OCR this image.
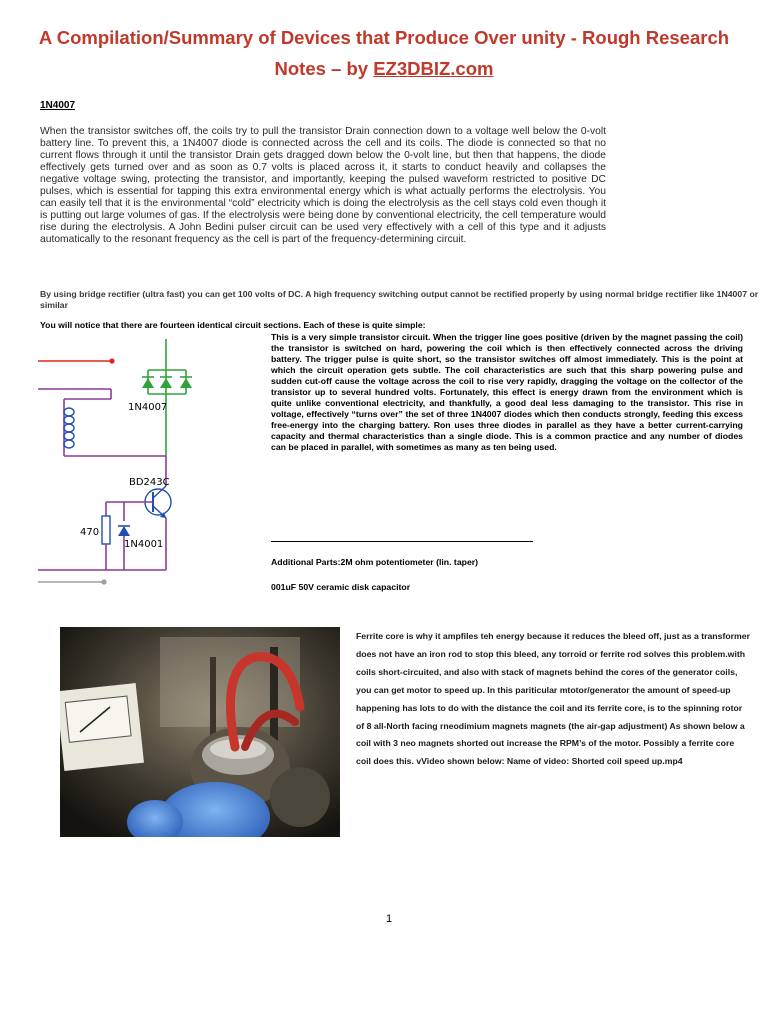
A Compilation/Summary of Devices that Produce Over unity - Rough Research
Notes – by EZ3DBIZ.com
1N4007
When the transistor switches off, the coils try to pull the transistor Drain connection down to a voltage well below the 0-volt battery line. To prevent this, a 1N4007 diode is connected across the cell and its coils. The diode is connected so that no current flows through it until the transistor Drain gets dragged down below the 0-volt line, but then that happens, the diode effectively gets turned over and as soon as 0.7 volts is placed across it, it starts to conduct heavily and collapses the negative voltage swing, protecting the transistor, and importantly, keeping the pulsed waveform restricted to positive DC pulses, which is essential for tapping this extra environmental energy which is what actually performs the electrolysis. You can easily tell that it is the environmental “cold” electricity which is doing the electrolysis as the cell stays cold even though it is putting out large volumes of gas. If the electrolysis were being done by conventional electricity, the cell temperature would rise during the electrolysis. A John Bedini pulser circuit can be used very effectively with a cell of this type and it adjusts automatically to the resonant frequency as the cell is part of the frequency-determining circuit.
By using bridge rectifier (ultra fast) you can get 100 volts of DC. A high frequency switching output cannot be rectified properly by using normal bridge rectifier like 1N4007 or similar
You will notice that there are fourteen identical circuit sections. Each of these is quite simple:
1N4007
BD243C
470
1N4001
This is a very simple transistor circuit. When the trigger line goes positive (driven by the magnet passing the coil) the transistor is switched on hard, powering the coil which is then effectively connected across the driving battery. The trigger pulse is quite short, so the transistor switches off almost immediately. This is the point at which the circuit operation gets subtle. The coil characteristics are such that this sharp powering pulse and sudden cut-off cause the voltage across the coil to rise very rapidly, dragging the voltage on the collector of the transistor up to several hundred volts. Fortunately, this effect is energy drawn from the environment which is quite unlike conventional electricity, and thankfully, a good deal less damaging to the transistor. This rise in voltage, effectively “turns over” the set of three 1N4007 diodes which then conducts strongly, feeding this excess free-energy into the charging battery. Ron uses three diodes in parallel as they have a better current-carrying capacity and thermal characteristics than a single diode. This is a common practice and any number of diodes can be placed in parallel, with sometimes as many as ten being used.
Additional Parts:2M ohm potentiometer (lin. taper)
001uF 50V ceramic disk capacitor
Ferrite core is why it ampfiles teh energy because it reduces the bleed off, just as a transformer does not have an iron rod to stop this bleed, any torroid or ferrite rod solves this problem.with coils short-circuited, and also with stack of magnets behind the cores of the generator coils, you can get motor to speed up. In this pariticular mtotor/generator the amount of speed-up happening has lots to do with the distance the coil and its ferrite core, is to the spinning rotor of 8 all-North facing rneodimium magnets magnets (the air-gap adjustment) As shown below a coil with 3 neo magnets shorted out increase the RPM’s of the motor. Possibly a ferrite core coil does this. vVideo shown below: Name of video: Shorted coil speed up.mp4
1
